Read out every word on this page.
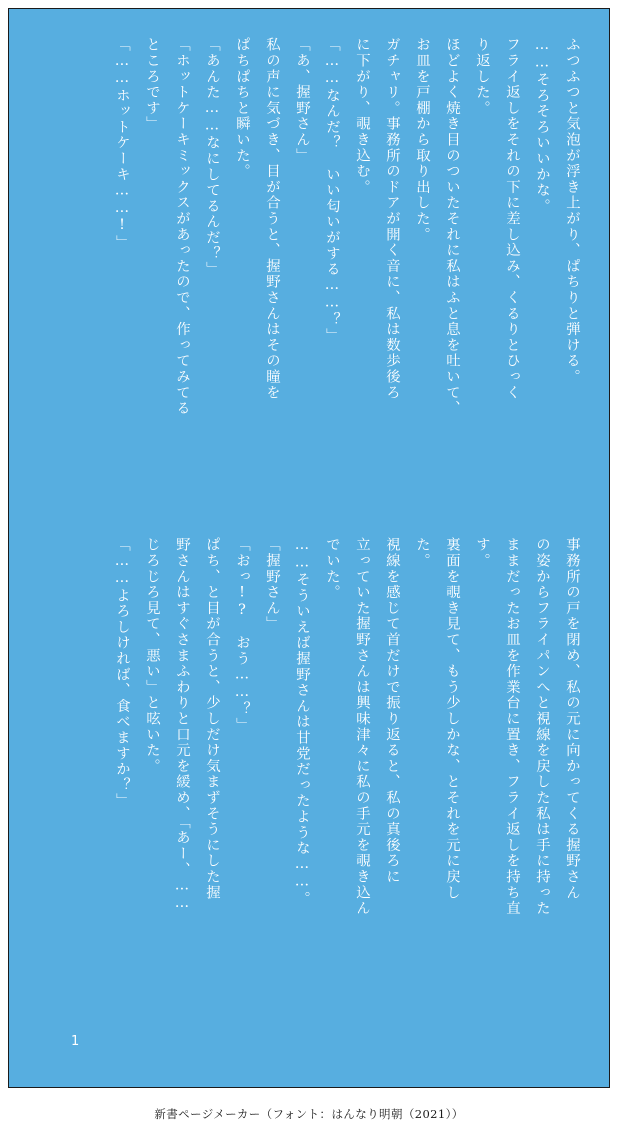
ふつふつと気泡が浮き上がり、ぱちりと弾ける。
……そろそろいいかな。
フライ返しをそれの下に差し込み、くるりとひっく
り返した。
ほどよく焼き目のついたそれに私はふと息を吐いて、
お皿を戸棚から取り出した。
ガチャリ。事務所のドアが開く音に、私は数歩後ろ
に下がり、覗き込む。
「……なんだ？　いい匂いがする……？」
「あ、握野さん」
私の声に気づき、目が合うと、握野さんはその瞳を
ぱちぱちと瞬いた。
「あんた……なにしてるんだ？」
「ホットケーキミックスがあったので、作ってみてる
ところです」
「……ホットケーキ……!」
事務所の戸を閉め、私の元に向かってくる握野さん
の姿からフライパンへと視線を戻した私は手に持った
ままだったお皿を作業台に置き、フライ返しを持ち直
す。
裏面を覗き見て、もう少しかな、とそれを元に戻し
た。
視線を感じて首だけで振り返ると、私の真後ろに
立っていた握野さんは興味津々に私の手元を覗き込ん
でいた。
……そういえば握野さんは甘党だったような……。
「握野さん」
「おっ!?　おう……？」
ぱち、と目が合うと、少しだけ気まずそうにした握
野さんはすぐさまふわりと口元を緩め、「あー、……
じろじろ見て、悪い」と呟いた。
「……よろしければ、食べますか？」
1
新書ページメーカー（フォント：はんなり明朝（2021））
